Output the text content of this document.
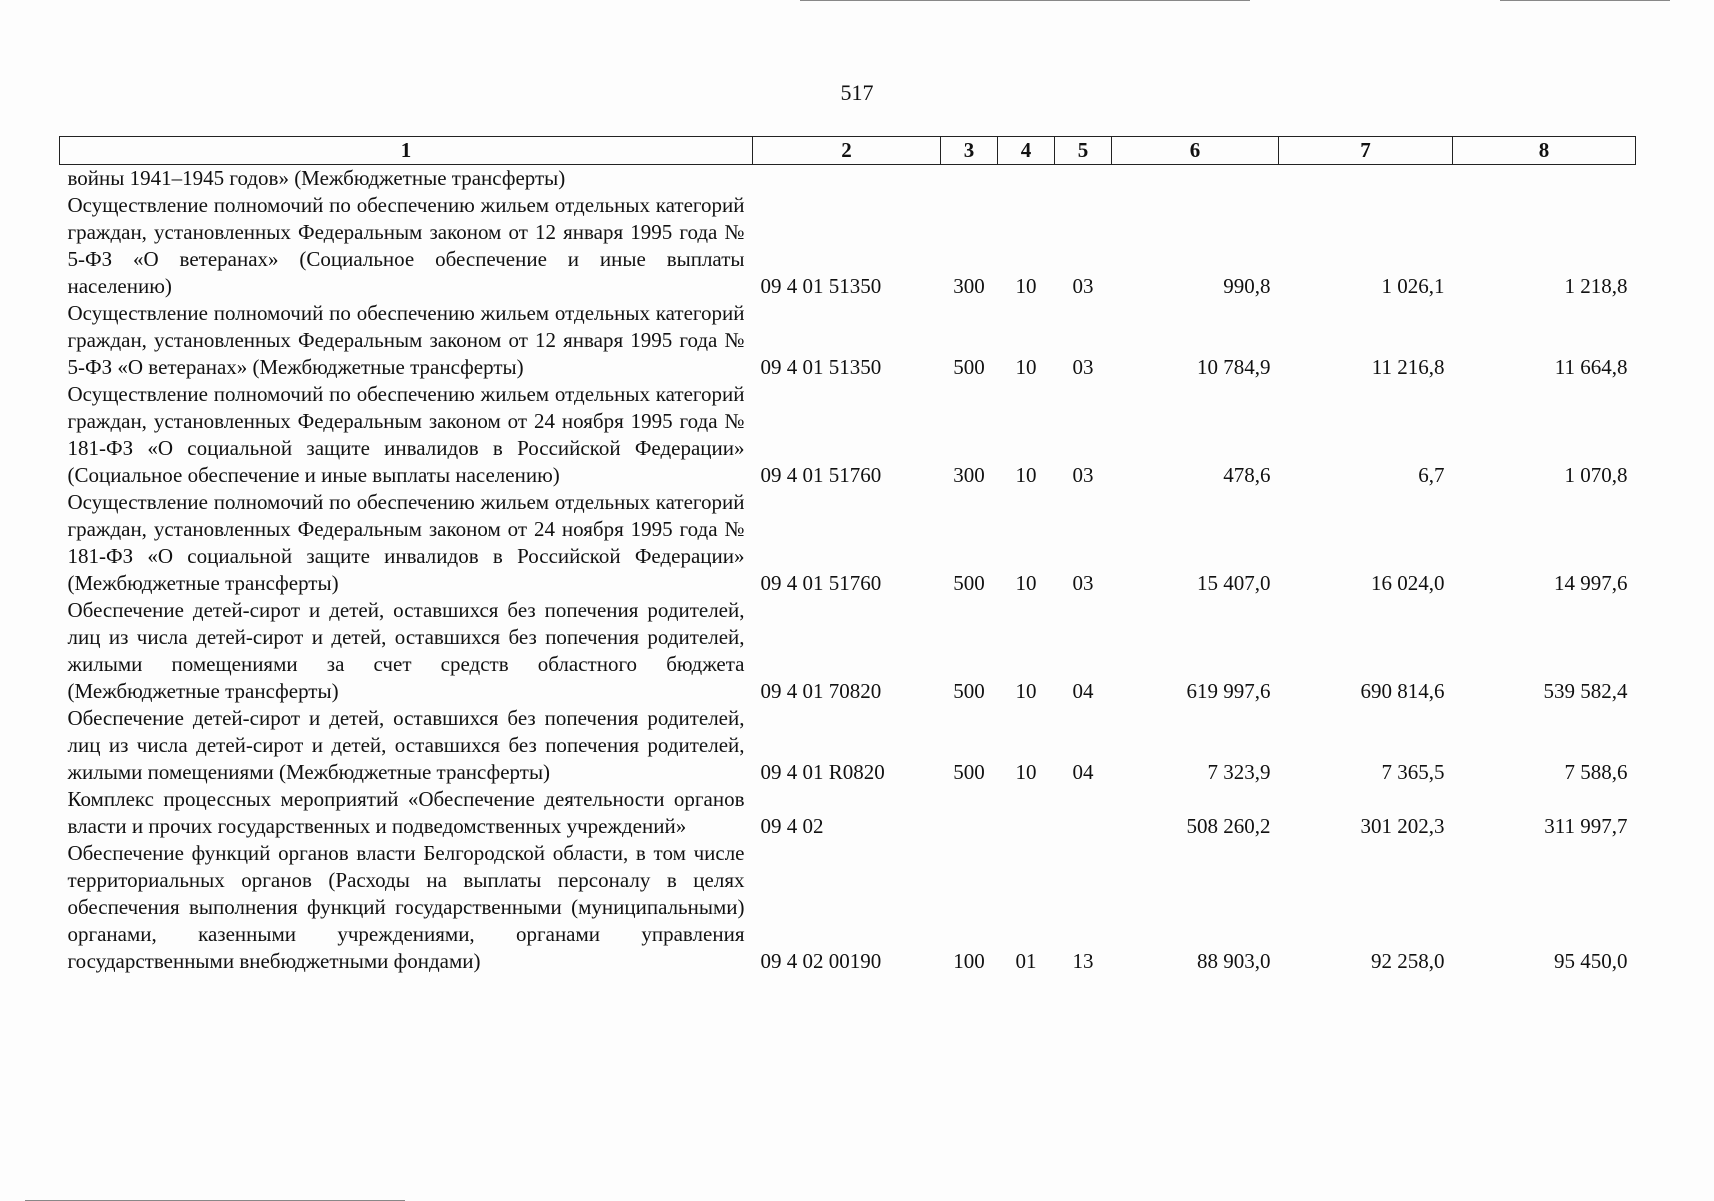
517
1	2	3	4	5	6	7	8
войны 1941–1945 годов» (Межбюджетные трансферты)							
Осуществление полномочий по обеспечению жильем отдельных категорий граждан, установленных Федеральным законом от 12 января 1995 года № 5-ФЗ «О ветеранах» (Социальное обеспечение и иные выплаты населению)	09 4 01 51350	300	10	03	990,8	1 026,1	1 218,8
Осуществление полномочий по обеспечению жильем отдельных категорий граждан, установленных Федеральным законом от 12 января 1995 года № 5-ФЗ «О ветеранах» (Межбюджетные трансферты)	09 4 01 51350	500	10	03	10 784,9	11 216,8	11 664,8
Осуществление полномочий по обеспечению жильем отдельных категорий граждан, установленных Федеральным законом от 24 ноября 1995 года № 181-ФЗ «О социальной защите инвалидов в Российской Федерации» (Социальное обеспечение и иные выплаты населению)	09 4 01 51760	300	10	03	478,6	6,7	1 070,8
Осуществление полномочий по обеспечению жильем отдельных категорий граждан, установленных Федеральным законом от 24 ноября 1995 года № 181-ФЗ «О социальной защите инвалидов в Российской Федерации» (Межбюджетные трансферты)	09 4 01 51760	500	10	03	15 407,0	16 024,0	14 997,6
Обеспечение детей-сирот и детей, оставшихся без попечения родителей, лиц из числа детей-сирот и детей, оставшихся без попечения родителей, жилыми помещениями за счет средств областного бюджета (Межбюджетные трансферты)	09 4 01 70820	500	10	04	619 997,6	690 814,6	539 582,4
Обеспечение детей-сирот и детей, оставшихся без попечения родителей, лиц из числа детей-сирот и детей, оставшихся без попечения родителей, жилыми помещениями (Межбюджетные трансферты)	09 4 01 R0820	500	10	04	7 323,9	7 365,5	7 588,6
Комплекс процессных мероприятий «Обеспечение деятельности органов власти и прочих государственных и подведомственных учреждений»	09 4 02				508 260,2	301 202,3	311 997,7
Обеспечение функций органов власти Белгородской области, в том числе территориальных органов (Расходы на выплаты персоналу в целях обеспечения выполнения функций государственными (муниципальными) органами, казенными учреждениями, органами управления государственными внебюджетными фондами)	09 4 02 00190	100	01	13	88 903,0	92 258,0	95 450,0
